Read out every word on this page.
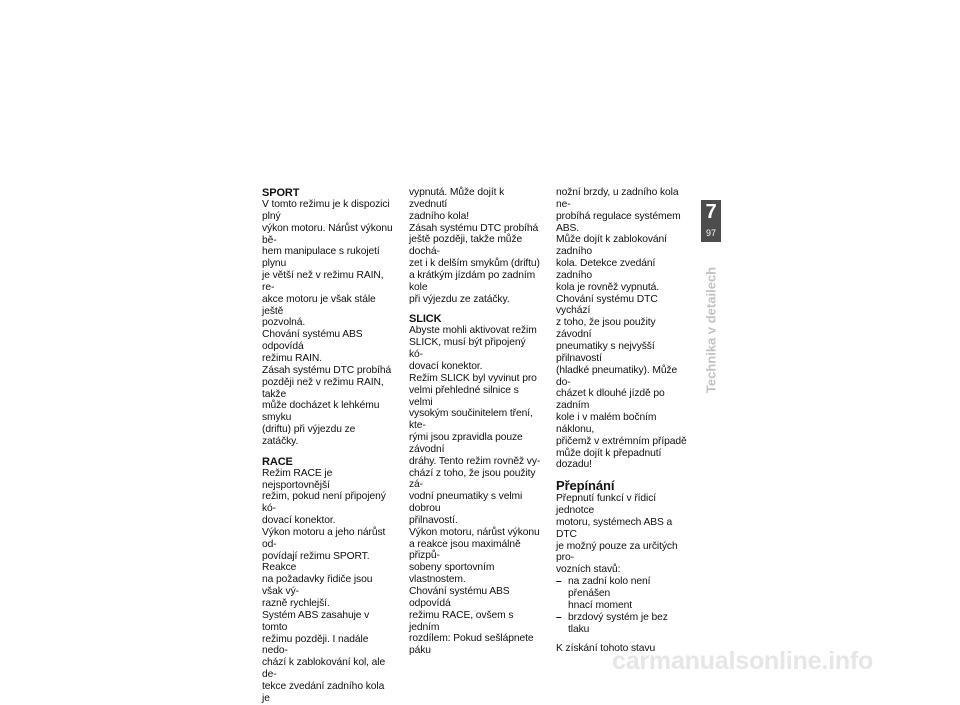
SPORT

V tomto režimu je k dispozici plný
výkon motoru. Nárůst výkonu bě-
hem manipulace s rukojetí plynu
je větší než v režimu RAIN, re-
akce motoru je však stále ještě
pozvolná.

Chování systému ABS odpovídá
režimu RAIN.

Zásah systému DTC probíhá
později než v režimu RAIN, takže
může docházet k lehkému smyku
(driftu) při výjezdu ze zatáčky.

RACE

Režim RACE je nejsportovnější
režim, pokud není připojený kó-
dovací konektor.

Výkon motoru a jeho nárůst od-
povídají režimu SPORT. Reakce
na požadavky řidiče jsou však vý-
razně rychlejší.

Systém ABS zasahuje v tomto
režimu později. I nadále nedo-
chází k zablokování kol, ale de-
tekce zvedání zadního kola je

vypnutá. Může dojít k zvednutí
zadního kola!

Zásah systému DTC probíhá
ještě později, takže může dochá-
zet i k delším smykům (driftu)
a krátkým jízdám po zadním kole
při výjezdu ze zatáčky.

SLICK

Abyste mohli aktivovat režim
SLICK, musí být připojený kó-
dovací konektor.

Režim SLICK byl vyvinut pro
velmi přehledné silnice s velmi
vysokým součinitelem tření, kte-
rými jsou zpravidla pouze závodní
dráhy. Tento režim rovněž vy-
chází z toho, že jsou použity zá-
vodní pneumatiky s velmi dobrou
přilnavostí.

Výkon motoru, nárůst výkonu
a reakce jsou maximálně přizpů-
sobeny sportovním vlastnostem.

Chování systému ABS odpovídá
režimu RACE, ovšem s jedním
rozdílem: Pokud sešlápnete páku

nožní brzdy, u zadního kola ne-
probíhá regulace systémem ABS.
Může dojít k zablokování zadního
kola. Detekce zvedání zadního
kola je rovněž vypnutá.

Chování systému DTC vychází
z toho, že jsou použity závodní
pneumatiky s nejvyšší přilnavostí
(hladké pneumatiky). Může do-
cházet k dlouhé jízdě po zadním
kole i v malém bočním náklonu,
přičemž v extrémním případě
může dojít k přepadnutí dozadu!

Přepínání

Přepnutí funkcí v řídicí jednotce
motoru, systémech ABS a DTC
je možný pouze za určitých pro-
vozních stavů:

– na zadní kolo není přenášen
hnací moment

– brzdový systém je bez tlaku

K získání tohoto stavu

7
97
Technika v detailech
carmanualsonline.info
